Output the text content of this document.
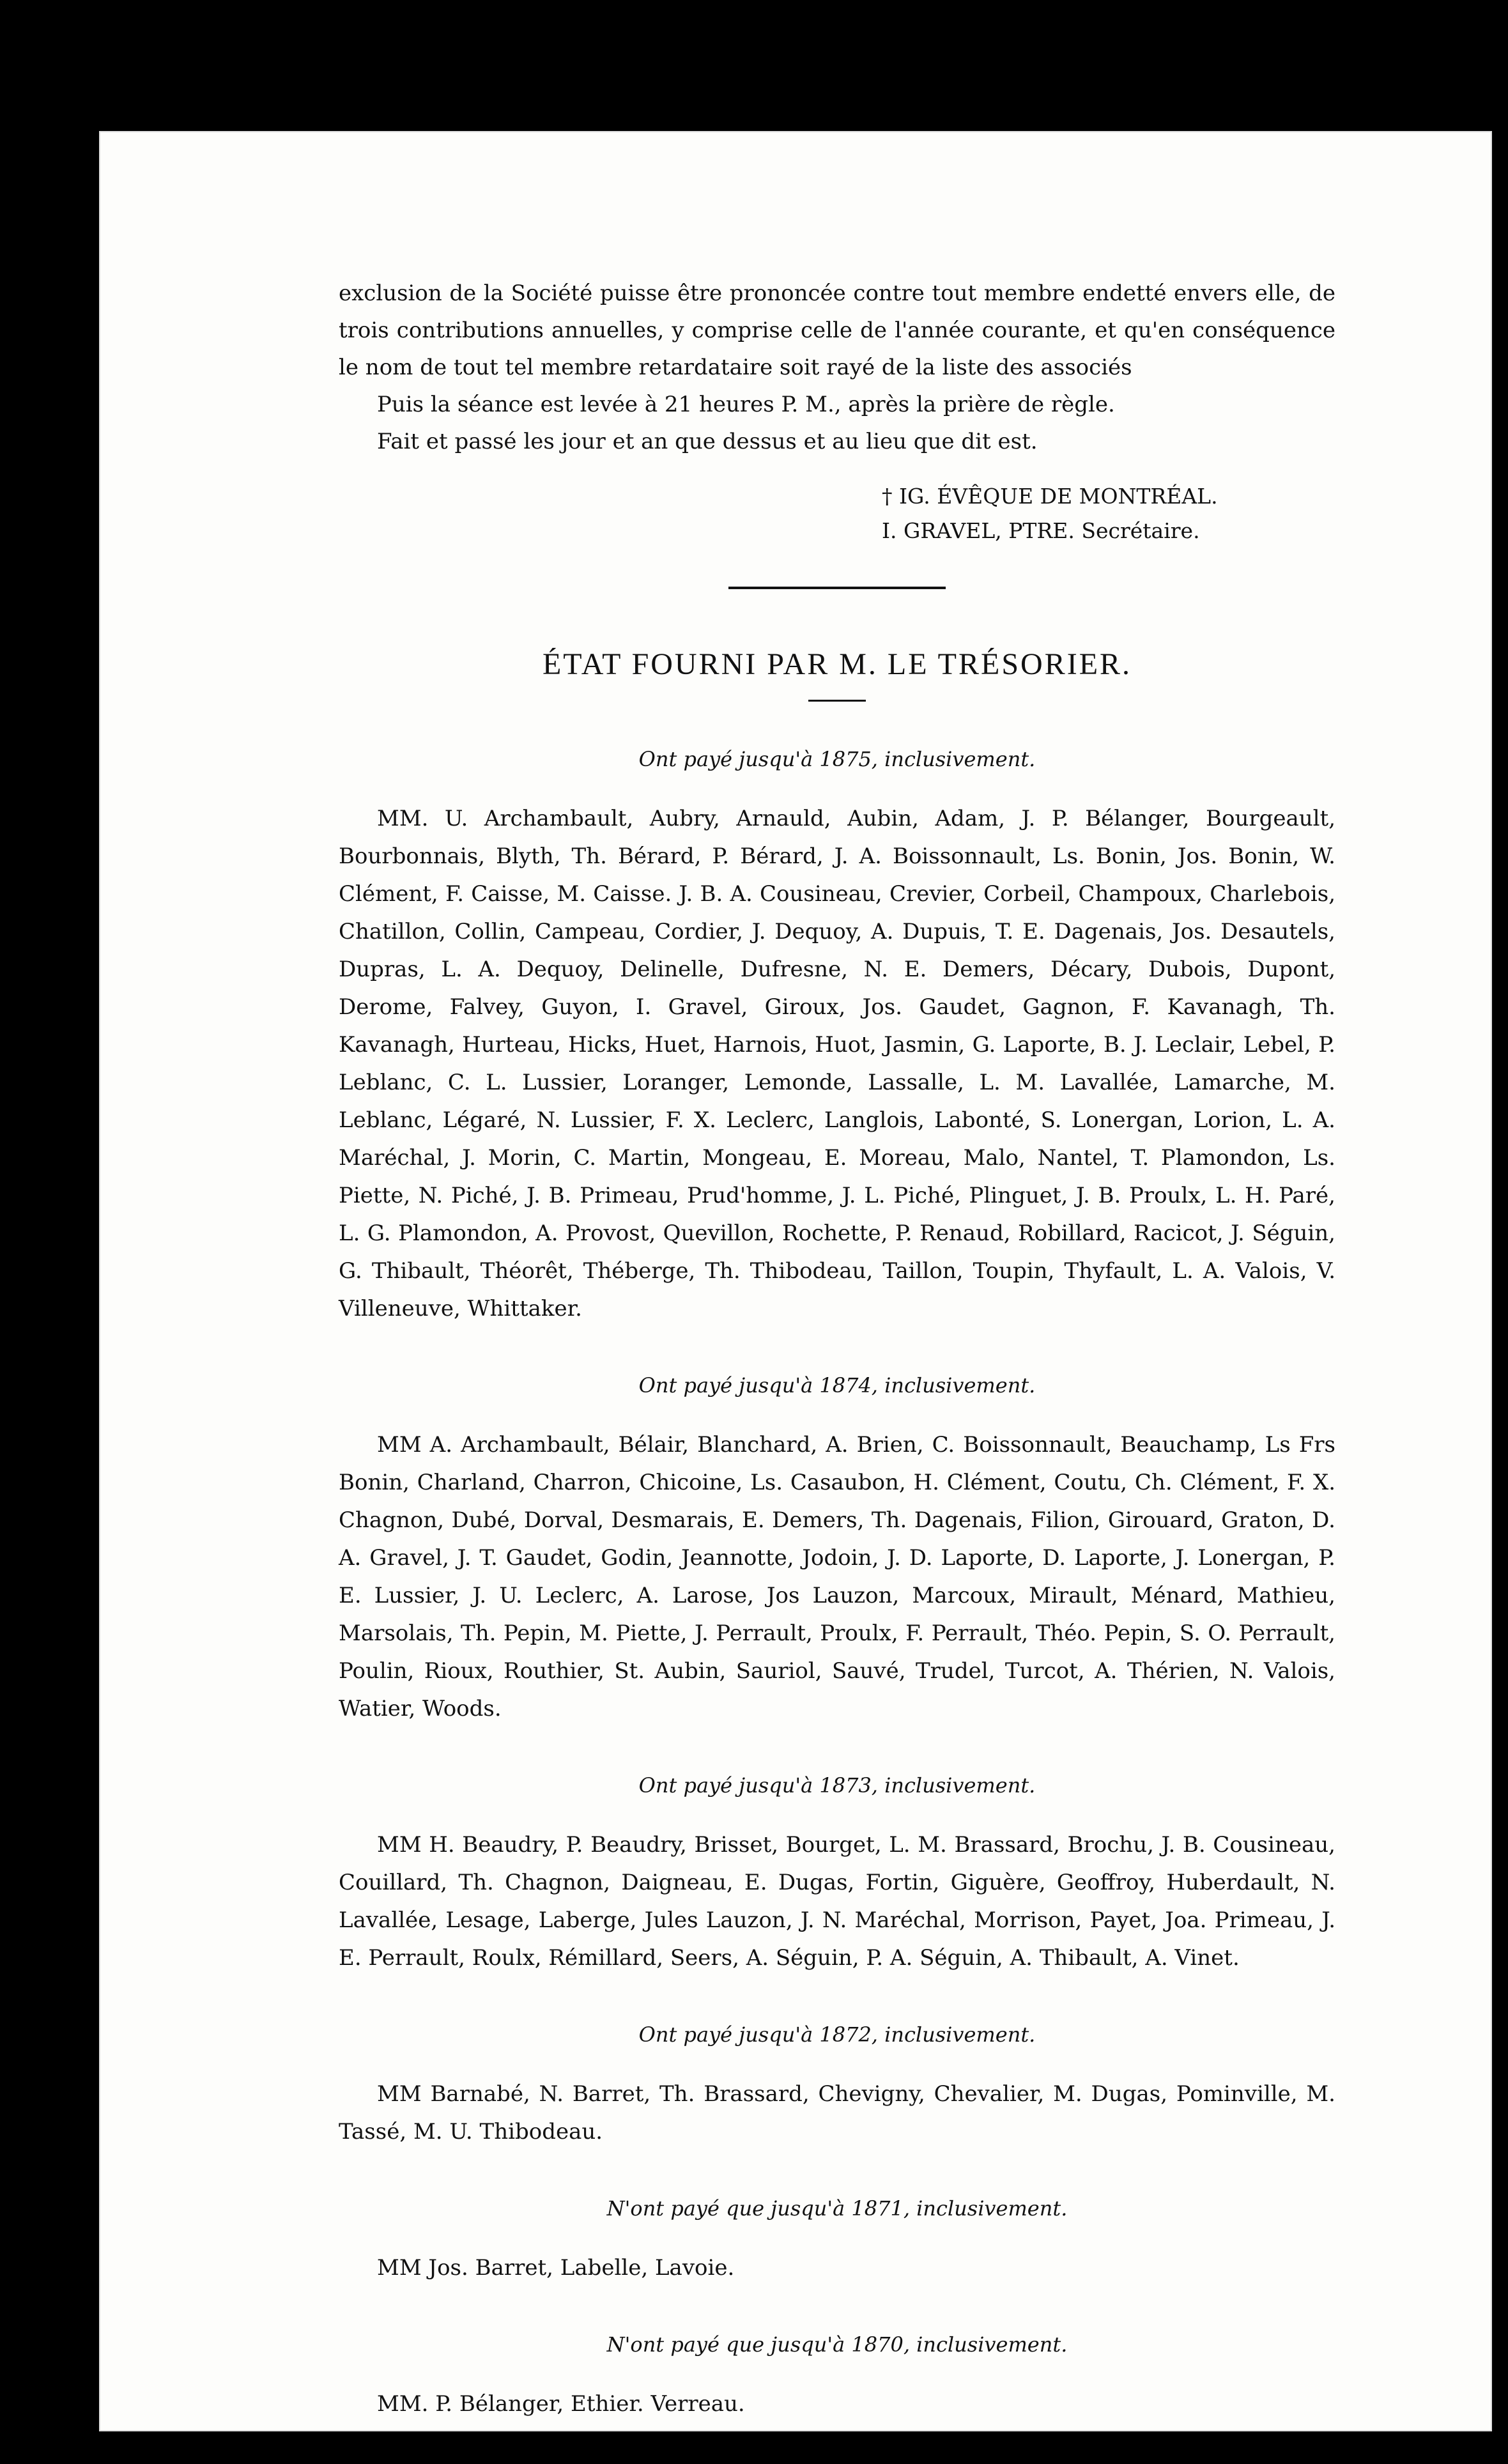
exclusion de la Société puisse être prononcée contre tout membre endetté envers elle, de trois contributions annuelles, y comprise celle de l'année courante, et qu'en conséquence le nom de tout tel membre retardataire soit rayé de la liste des associés

Puis la séance est levée à 21 heures P. M., après la prière de règle.

Fait et passé les jour et an que dessus et au lieu que dit est.

† IG. ÉVÊQUE DE MONTRÉAL.
I. GRAVEL, PTRE. Secrétaire.
ÉTAT FOURNI PAR M. LE TRÉSORIER.
Ont payé jusqu'à 1875, inclusivement.

MM. U. Archambault, Aubry, Arnauld, Aubin, Adam, J. P. Bélanger, Bourgeault, Bourbonnais, Blyth, Th. Bérard, P. Bérard, J. A. Boissonnault, Ls. Bonin, Jos. Bonin, W. Clément, F. Caisse, M. Caisse. J. B. A. Cousineau, Crevier, Corbeil, Champoux, Charlebois, Chatillon, Collin, Campeau, Cordier, J. Dequoy, A. Dupuis, T. E. Dagenais, Jos. Desautels, Dupras, L. A. Dequoy, Delinelle, Dufresne, N. E. Demers, Décary, Dubois, Dupont, Derome, Falvey, Guyon, I. Gravel, Giroux, Jos. Gaudet, Gagnon, F. Kavanagh, Th. Kavanagh, Hurteau, Hicks, Huet, Harnois, Huot, Jasmin, G. Laporte, B. J. Leclair, Lebel, P. Leblanc, C. L. Lussier, Loranger, Lemonde, Lassalle, L. M. Lavallée, Lamarche, M. Leblanc, Légaré, N. Lussier, F. X. Leclerc, Langlois, Labonté, S. Lonergan, Lorion, L. A. Maréchal, J. Morin, C. Martin, Mongeau, E. Moreau, Malo, Nantel, T. Plamondon, Ls. Piette, N. Piché, J. B. Primeau, Prud'homme, J. L. Piché, Plinguet, J. B. Proulx, L. H. Paré, L. G. Plamondon, A. Provost, Quevillon, Rochette, P. Renaud, Robillard, Racicot, J. Séguin, G. Thibault, Théorêt, Théberge, Th. Thibodeau, Taillon, Toupin, Thyfault, L. A. Valois, V. Villeneuve, Whittaker.

Ont payé jusqu'à 1874, inclusivement.

MM A. Archambault, Bélair, Blanchard, A. Brien, C. Boissonnault, Beauchamp, Ls Frs Bonin, Charland, Charron, Chicoine, Ls. Casaubon, H. Clément, Coutu, Ch. Clément, F. X. Chagnon, Dubé, Dorval, Desmarais, E. Demers, Th. Dagenais, Filion, Girouard, Graton, D. A. Gravel, J. T. Gaudet, Godin, Jeannotte, Jodoin, J. D. Laporte, D. Laporte, J. Lonergan, P. E. Lussier, J. U. Leclerc, A. Larose, Jos Lauzon, Marcoux, Mirault, Ménard, Mathieu, Marsolais, Th. Pepin, M. Piette, J. Perrault, Proulx, F. Perrault, Théo. Pepin, S. O. Perrault, Poulin, Rioux, Routhier, St. Aubin, Sauriol, Sauvé, Trudel, Turcot, A. Thérien, N. Valois, Watier, Woods.

Ont payé jusqu'à 1873, inclusivement.

MM H. Beaudry, P. Beaudry, Brisset, Bourget, L. M. Brassard, Brochu, J. B. Cousineau, Couillard, Th. Chagnon, Daigneau, E. Dugas, Fortin, Giguère, Geoffroy, Huberdault, N. Lavallée, Lesage, Laberge, Jules Lauzon, J. N. Maréchal, Morrison, Payet, Joa. Primeau, J. E. Perrault, Roulx, Rémillard, Seers, A. Séguin, P. A. Séguin, A. Thibault, A. Vinet.

Ont payé jusqu'à 1872, inclusivement.

MM Barnabé, N. Barret, Th. Brassard, Chevigny, Chevalier, M. Dugas, Pominville, M. Tassé, M. U. Thibodeau.

N'ont payé que jusqu'à 1871, inclusivement.

MM Jos. Barret, Labelle, Lavoie.

N'ont payé que jusqu'à 1870, inclusivement.

MM. P. Bélanger, Ethier. Verreau.
